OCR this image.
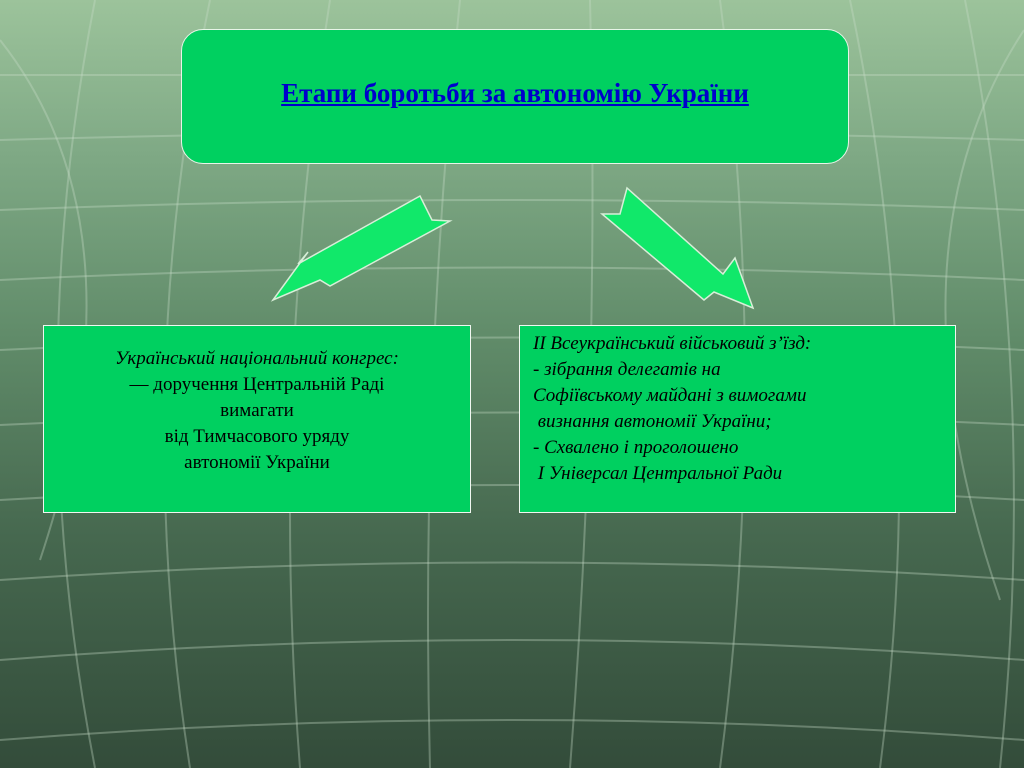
Етапи боротьби за автономію України
Український національний конгрес:
— доручення Центральній Раді
вимагати
від Тимчасового уряду
автономії України
II Всеукраїнський військовий з’їзд:
- зібрання делегатів на
Софіївському майдані з вимогами
визнання автономії України;
- Схвалено і проголошено
I Універсал Центральної Ради
